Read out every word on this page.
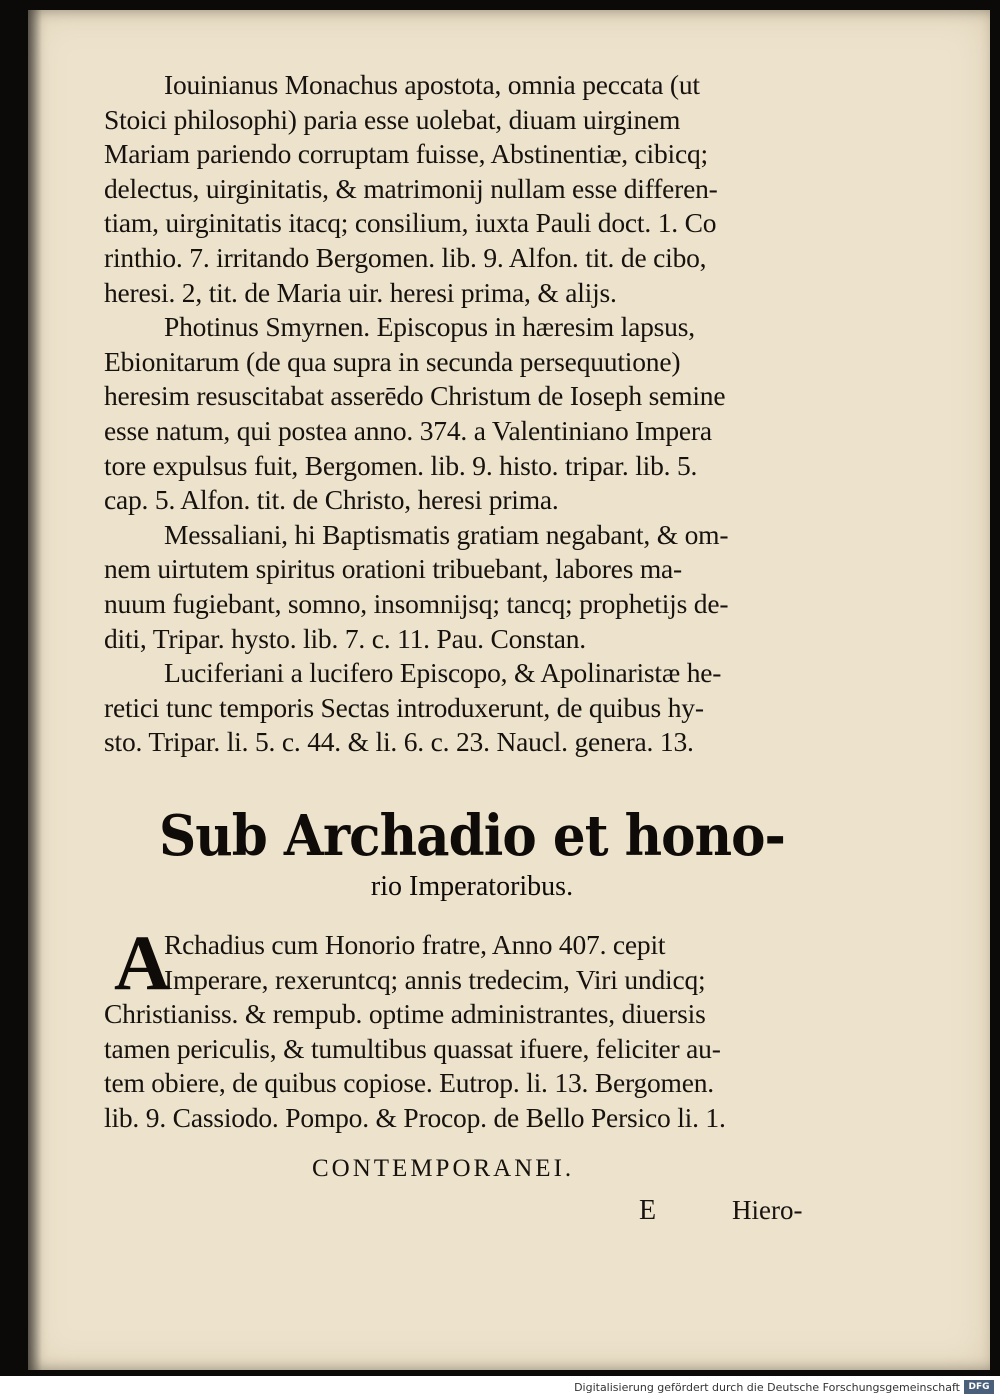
Iouinianus Monachus apostota, omnia peccata (ut
Stoici philosophi) paria esse uolebat, diuam uirginem
Mariam pariendo corruptam fuisse, Abstinentiæ, cibicq;
delectus, uirginitatis, & matrimonij nullam esse differen-
tiam, uirginitatis itacq; consilium, iuxta Pauli doct. 1. Co
rinthio. 7. irritando Bergomen. lib. 9. Alfon. tit. de cibo,
heresi. 2, tit. de Maria uir. heresi prima, & alijs.
Photinus Smyrnen. Episcopus in hæresim lapsus,
Ebionitarum (de qua supra in secunda persequutione)
heresim resuscitabat asserēdo Christum de Ioseph semine
esse natum, qui postea anno. 374. a Valentiniano Impera
tore expulsus fuit, Bergomen. lib. 9. histo. tripar. lib. 5.
cap. 5. Alfon. tit. de Christo, heresi prima.
Messaliani, hi Baptismatis gratiam negabant, & om-
nem uirtutem spiritus orationi tribuebant, labores ma-
nuum fugiebant, somno, insomnijsq; tancq; prophetijs de-
diti, Tripar. hysto. lib. 7. c. 11. Pau. Constan.
Luciferiani a lucifero Episcopo, & Apolinaristæ he-
retici tunc temporis Sectas introduxerunt, de quibus hy-
sto. Tripar. li. 5. c. 44. & li. 6. c. 23. Naucl. genera. 13.
Sub Archadio et hono-
rio Imperatoribus.
A
Rchadius cum Honorio fratre, Anno 407. cepit
Imperare, rexeruntcq; annis tredecim, Viri undicq;
Christianiss. & rempub. optime administrantes, diuersis
tamen periculis, & tumultibus quassat ifuere, feliciter au-
tem obiere, de quibus copiose. Eutrop. li. 13. Bergomen.
lib. 9. Cassiodo. Pompo. & Procop. de Bello Persico li. 1.
CONTEMPORANEI.
E	Hiero-
Digitalisierung gefördert durch die Deutsche Forschungsgemeinschaft DFG
